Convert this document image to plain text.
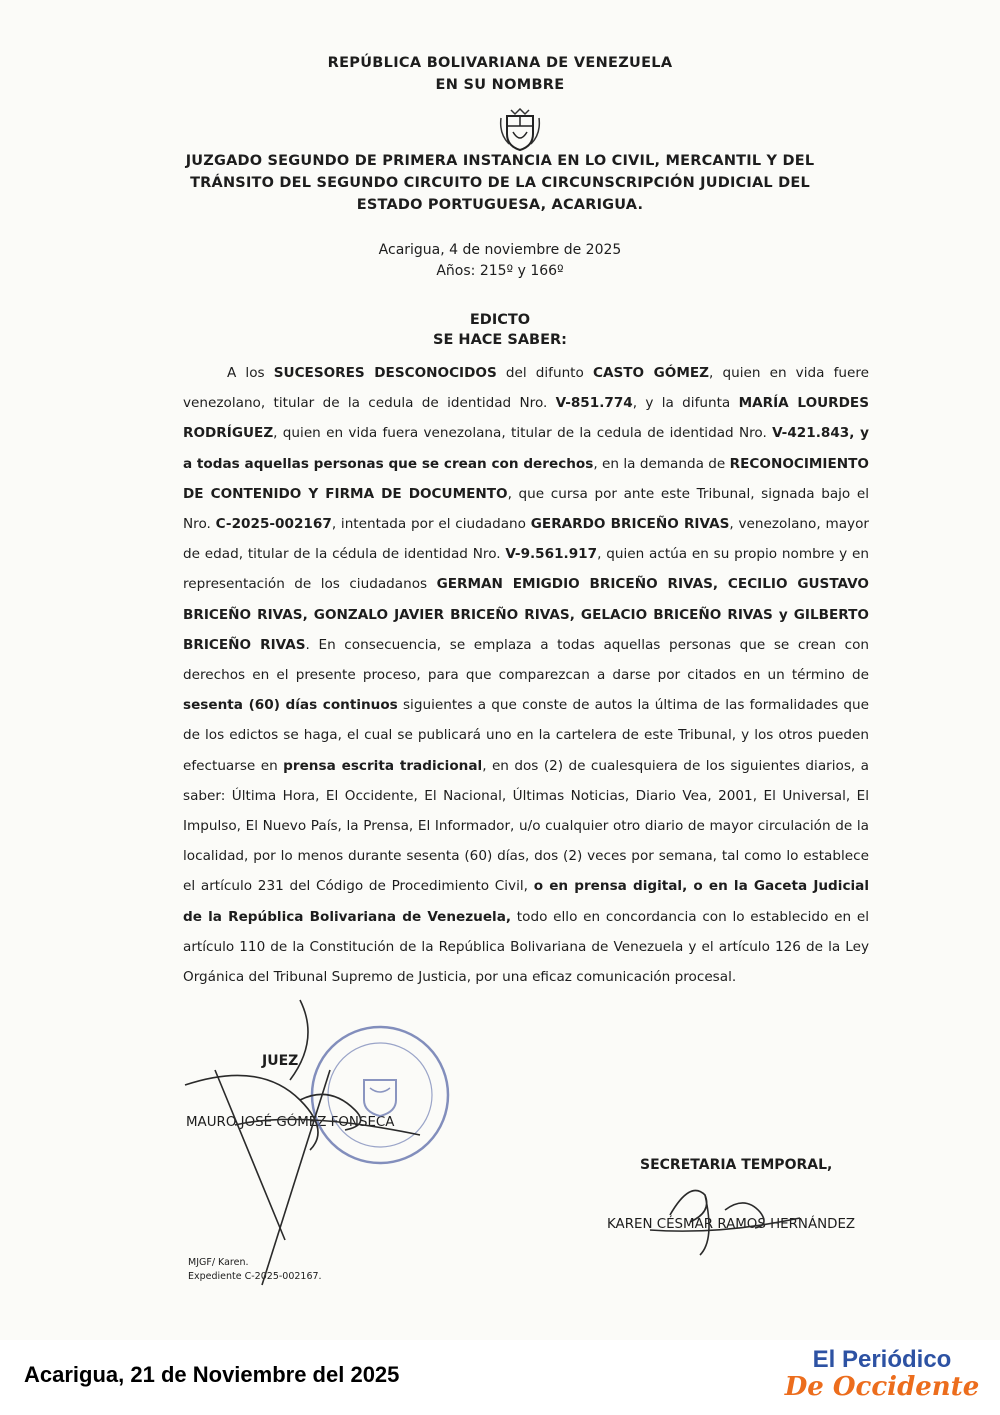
REPÚBLICA BOLIVARIANA DE VENEZUELA
EN SU NOMBRE
JUZGADO SEGUNDO DE PRIMERA INSTANCIA EN LO CIVIL, MERCANTIL Y DEL
TRÁNSITO DEL SEGUNDO CIRCUITO DE LA CIRCUNSCRIPCIÓN JUDICIAL DEL
ESTADO PORTUGUESA, ACARIGUA.
Acarigua, 4 de noviembre de 2025
Años: 215º y 166º
EDICTO
SE HACE SABER:

A los SUCESORES DESCONOCIDOS del difunto CASTO GÓMEZ, quien en vida fuere venezolano, titular de la cedula de identidad Nro. V-851.774, y la difunta MARÍA LOURDES RODRÍGUEZ, quien en vida fuera venezolana, titular de la cedula de identidad Nro. V-421.843, y a todas aquellas personas que se crean con derechos, en la demanda de RECONOCIMIENTO DE CONTENIDO Y FIRMA DE DOCUMENTO, que cursa por ante este Tribunal, signada bajo el Nro. C-2025-002167, intentada por el ciudadano GERARDO BRICEÑO RIVAS, venezolano, mayor de edad, titular de la cédula de identidad Nro. V-9.561.917, quien actúa en su propio nombre y en representación de los ciudadanos GERMAN EMIGDIO BRICEÑO RIVAS, CECILIO GUSTAVO BRICEÑO RIVAS, GONZALO JAVIER BRICEÑO RIVAS, GELACIO BRICEÑO RIVAS y GILBERTO BRICEÑO RIVAS. En consecuencia, se emplaza a todas aquellas personas que se crean con derechos en el presente proceso, para que comparezcan a darse por citados en un término de sesenta (60) días continuos siguientes a que conste de autos la última de las formalidades que de los edictos se haga, el cual se publicará uno en la cartelera de este Tribunal, y los otros pueden efectuarse en prensa escrita tradicional, en dos (2) de cualesquiera de los siguientes diarios, a saber: Última Hora, El Occidente, El Nacional, Últimas Noticias, Diario Vea, 2001, El Universal, El Impulso, El Nuevo País, la Prensa, El Informador, u/o cualquier otro diario de mayor circulación de la localidad, por lo menos durante sesenta (60) días, dos (2) veces por semana, tal como lo establece el artículo 231 del Código de Procedimiento Civil, o en prensa digital, o en la Gaceta Judicial de la República Bolivariana de Venezuela, todo ello en concordancia con lo establecido en el artículo 110 de la Constitución de la República Bolivariana de Venezuela y el artículo 126 de la Ley Orgánica del Tribunal Supremo de Justicia, por una eficaz comunicación procesal.

JUEZ
MAURO JOSÉ GÓMEZ FONSECA
SECRETARIA TEMPORAL,
KAREN CÉSMAR RAMOS HERNÁNDEZ
MJGF/ Karen.
Expediente C-2025-002167.
Acarigua, 21 de Noviembre del 2025
El Periódico
De Occidente
